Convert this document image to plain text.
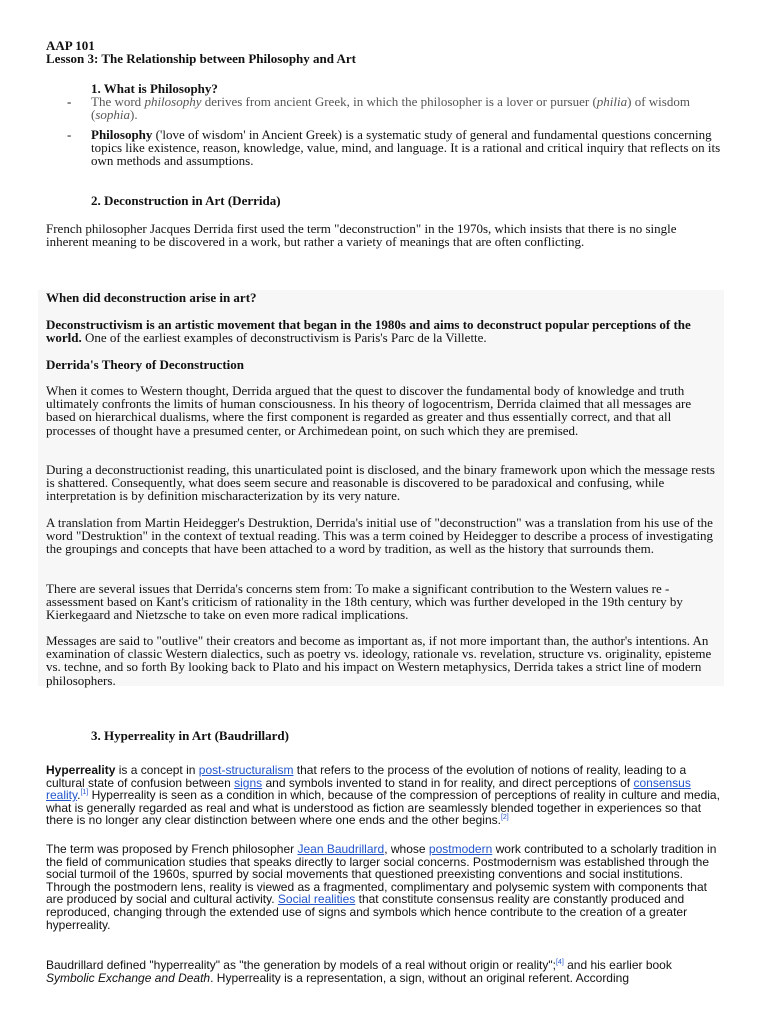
AAP 101
Lesson 3: The Relationship between Philosophy and Art
1. What is Philosophy?
- The word philosophy derives from ancient Greek, in which the philosopher is a lover or pursuer (philia) of wisdom (sophia).

- Philosophy ('love of wisdom' in Ancient Greek) is a systematic study of general and fundamental questions concerning topics like existence, reason, knowledge, value, mind, and language. It is a rational and critical inquiry that reflects on its own methods and assumptions.

2. Deconstruction in Art (Derrida)

French philosopher Jacques Derrida first used the term "deconstruction" in the 1970s, which insists that there is no single inherent meaning to be discovered in a work, but rather a variety of meanings that are often conflicting.

When did deconstruction arise in art?

Deconstructivism is an artistic movement that began in the 1980s and aims to deconstruct popular perceptions of the world. One of the earliest examples of deconstructivism is Paris's Parc de la Villette.

Derrida's Theory of Deconstruction

When it comes to Western thought, Derrida argued that the quest to discover the fundamental body of knowledge and truth ultimately confronts the limits of human consciousness. In his theory of logocentrism, Derrida claimed that all messages are based on hierarchical dualisms, where the first component is regarded as greater and thus essentially correct, and that all processes of thought have a presumed center, or Archimedean point, on such which they are premised.

During a deconstructionist reading, this unarticulated point is disclosed, and the binary framework upon which the message rests is shattered. Consequently, what does seem secure and reasonable is discovered to be paradoxical and confusing, while interpretation is by definition mischaracterization by its very nature.

A translation from Martin Heidegger's Destruktion, Derrida's initial use of "deconstruction" was a translation from his use of the word "Destruktion" in the context of textual reading. This was a term coined by Heidegger to describe a process of investigating the groupings and concepts that have been attached to a word by tradition, as well as the history that surrounds them.

There are several issues that Derrida's concerns stem from: To make a significant contribution to the Western values re - assessment based on Kant's criticism of rationality in the 18th century, which was further developed in the 19th century by Kierkegaard and Nietzsche to take on even more radical implications.

Messages are said to "outlive" their creators and become as important as, if not more important than, the author's intentions. An examination of classic Western dialectics, such as poetry vs. ideology, rationale vs. revelation, structure vs. originality, episteme vs. techne, and so forth By looking back to Plato and his impact on Western metaphysics, Derrida takes a strict line of modern philosophers.

3. Hyperreality in Art (Baudrillard)

Hyperreality is a concept in post-structuralism that refers to the process of the evolution of notions of reality, leading to a cultural state of confusion between signs and symbols invented to stand in for reality, and direct perceptions of consensus reality.[1] Hyperreality is seen as a condition in which, because of the compression of perceptions of reality in culture and media, what is generally regarded as real and what is understood as fiction are seamlessly blended together in experiences so that there is no longer any clear distinction between where one ends and the other begins.[2]

The term was proposed by French philosopher Jean Baudrillard, whose postmodern work contributed to a scholarly tradition in the field of communication studies that speaks directly to larger social concerns. Postmodernism was established through the social turmoil of the 1960s, spurred by social movements that questioned preexisting conventions and social institutions. Through the postmodern lens, reality is viewed as a fragmented, complimentary and polysemic system with components that are produced by social and cultural activity. Social realities that constitute consensus reality are constantly produced and reproduced, changing through the extended use of signs and symbols which hence contribute to the creation of a greater hyperreality.

Baudrillard defined "hyperreality" as "the generation by models of a real without origin or reality";[4] and his earlier book Symbolic Exchange and Death. Hyperreality is a representation, a sign, without an original referent. According
